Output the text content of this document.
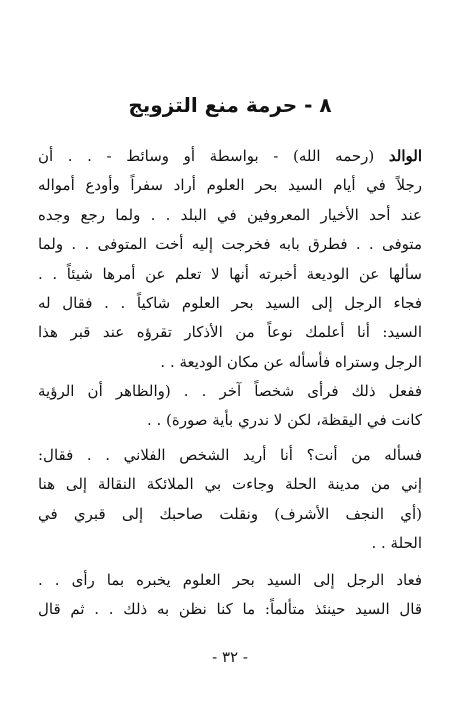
٨ - حرمة منع التزويج
الوالد (رحمه الله) - بواسطة أو وسائط - . . أن
رجلاً في أيام السيد بحر العلوم أراد سفراً وأودع أمواله
عند أحد الأخيار المعروفين في البلد . . ولما رجع وجده
متوفى . . فطرق بابه فخرجت إليه أخت المتوفى . . ولما
سألها عن الوديعة أخبرته أنها لا تعلم عن أمرها شيئاً . .
فجاء الرجل إلى السيد بحر العلوم شاكياً . . فقال له
السيد: أنا أعلمك نوعاً من الأذكار تقرؤه عند قبر هذا
الرجل وستراه فأسأله عن مكان الوديعة . .
ففعل ذلك فرأى شخصاً آخر . . (والظاهر أن الرؤية
كانت في اليقظة، لكن لا ندري بأية صورة) . .
فسأله من أنت؟ أنا أريد الشخص الفلاني . . فقال:
إني من مدينة الحلة وجاءت بي الملائكة النقالة إلى هنا
(أي النجف الأشرف) ونقلت صاحبك إلى قبري في
الحلة . .
فعاد الرجل إلى السيد بحر العلوم يخبره بما رأى . .
قال السيد حينئذ متألماً: ما كنا نظن به ذلك . . ثم قال
- ٣٢ -
